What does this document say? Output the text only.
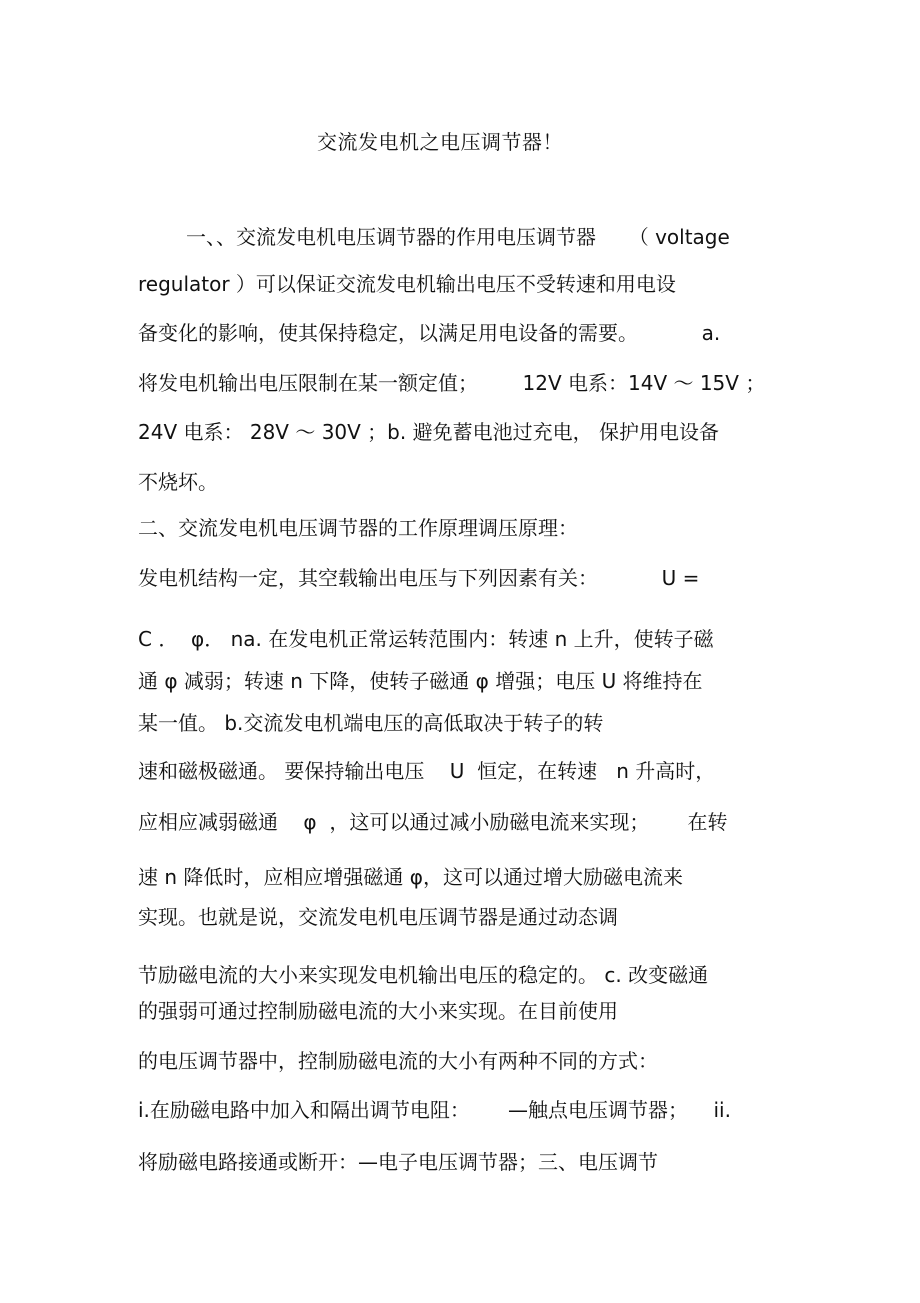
交流发电机之电压调节器！
一、、交流发电机电压调节器的作用电压调节器　  （ voltage
regulator ）可以保证交流发电机输出电压不受转速和用电设
备变化的影响，使其保持稳定，以满足用电设备的需要。          a.
将发电机输出电压限制在某一额定值；       12V 电系：14V ～ 15V ；
24V 电系： 28V ～ 30V ；b. 避免蓄电池过充电， 保护用电设备
不烧坏。
二、交流发电机电压调节器的工作原理调压原理：
发电机结构一定，其空载输出电压与下列因素有关：          U =
C ．  φ． na. 在发电机正常运转范围内：转速 n 上升，使转子磁
通 φ 减弱；转速 n 下降，使转子磁通 φ 增强；电压 U 将维持在
某一值。 b.交流发电机端电压的高低取决于转子的转
速和磁极磁通。 要保持输出电压    U  恒定，在转速   n 升高时，
应相应减弱磁通    φ  ，这可以通过减小励磁电流来实现；      在转
速 n 降低时，应相应增强磁通 φ，这可以通过增大励磁电流来
实现。也就是说，交流发电机电压调节器是通过动态调
节励磁电流的大小来实现发电机输出电压的稳定的。 c. 改变磁通
的强弱可通过控制励磁电流的大小来实现。在目前使用
的电压调节器中，控制励磁电流的大小有两种不同的方式：
i.在励磁电路中加入和隔出调节电阻：      —触点电压调节器；    ii.
将励磁电路接通或断开：—电子电压调节器；三、电压调节
